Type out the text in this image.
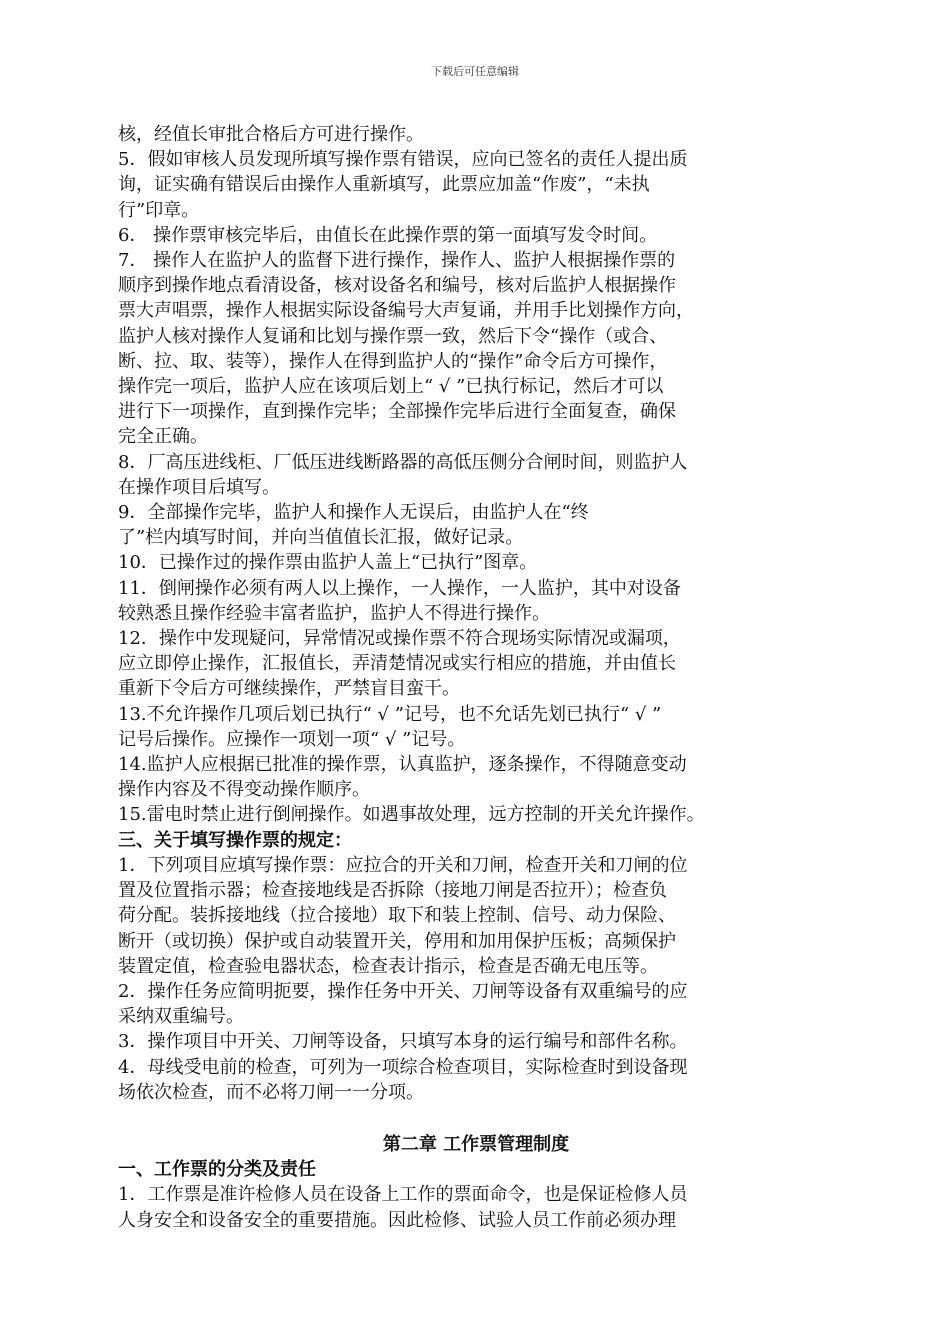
下载后可任意编辑

核，经值长审批合格后方可进行操作。

5．假如审核人员发现所填写操作票有错误，应向已签名的责任人提出质

询，证实确有错误后由操作人重新填写，此票应加盖“作废”，“未执

行”印章。

6． 操作票审核完毕后，由值长在此操作票的第一面填写发令时间。

7． 操作人在监护人的监督下进行操作，操作人、监护人根据操作票的

顺序到操作地点看清设备，核对设备名和编号，核对后监护人根据操作

票大声唱票，操作人根据实际设备编号大声复诵，并用手比划操作方向，

监护人核对操作人复诵和比划与操作票一致，然后下令“操作（或合、

断、拉、取、装等），操作人在得到监护人的“操作”命令后方可操作，

操作完一项后，监护人应在该项后划上“ √ ”已执行标记，然后才可以

进行下一项操作，直到操作完毕；全部操作完毕后进行全面复查，确保

完全正确。

8．厂高压进线柜、厂低压进线断路器的高低压侧分合闸时间，则监护人

在操作项目后填写。

9．全部操作完毕，监护人和操作人无误后，由监护人在“终

了”栏内填写时间，并向当值值长汇报，做好记录。

10．已操作过的操作票由监护人盖上“已执行”图章。

11．倒闸操作必须有两人以上操作，一人操作，一人监护，其中对设备

较熟悉且操作经验丰富者监护，监护人不得进行操作。

12．操作中发现疑问，异常情况或操作票不符合现场实际情况或漏项，

应立即停止操作，汇报值长，弄清楚情况或实行相应的措施，并由值长

重新下令后方可继续操作，严禁盲目蛮干。

13.不允许操作几项后划已执行“ √ ”记号，也不允话先划已执行“ √ ”

记号后操作。应操作一项划一项“ √ ”记号。

14.监护人应根据已批准的操作票，认真监护，逐条操作，不得随意变动

操作内容及不得变动操作顺序。

15.雷电时禁止进行倒闸操作。如遇事故处理，远方控制的开关允许操作。

三、关于填写操作票的规定：

1．下列项目应填写操作票：应拉合的开关和刀闸，检查开关和刀闸的位

置及位置指示器；检查接地线是否拆除（接地刀闸是否拉开）；检查负

荷分配。装拆接地线（拉合接地）取下和装上控制、信号、动力保险、

断开（或切换）保护或自动装置开关，停用和加用保护压板；高频保护

装置定值，检查验电器状态，检查表计指示，检查是否确无电压等。

2．操作任务应简明扼要，操作任务中开关、刀闸等设备有双重编号的应

采纳双重编号。

3．操作项目中开关、刀闸等设备，只填写本身的运行编号和部件名称。

4．母线受电前的检查，可列为一项综合检查项目，实际检查时到设备现

场依次检查，而不必将刀闸一一分项。

第二章 工作票管理制度

一、工作票的分类及责任

1．工作票是准许检修人员在设备上工作的票面命令，也是保证检修人员

人身安全和设备安全的重要措施。因此检修、试验人员工作前必须办理
